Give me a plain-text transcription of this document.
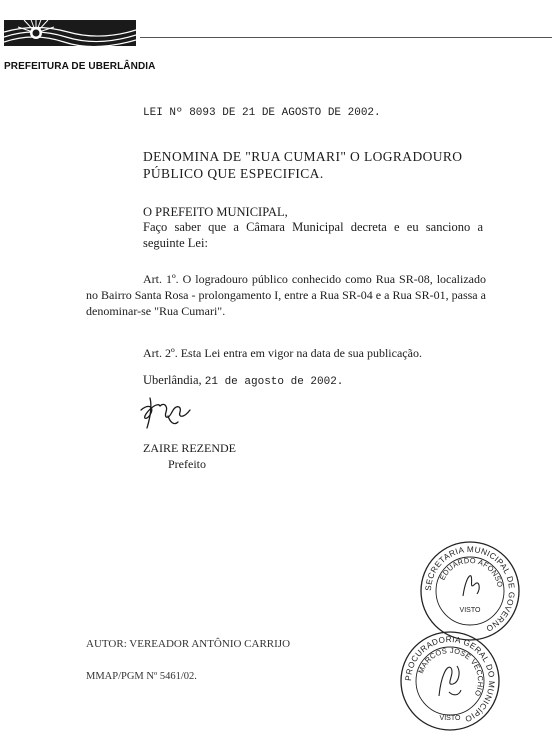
PREFEITURA DE UBERLÂNDIA
LEI Nº 8093 DE 21 DE AGOSTO DE 2002.
DENOMINA DE "RUA CUMARI" O LOGRADOURO PÚBLICO QUE ESPECIFICA.
O PREFEITO MUNICIPAL,
Faço saber que a Câmara Municipal decreta e eu sanciono a seguinte Lei:
Art. 1º. O logradouro público conhecido como Rua SR-08, localizado no Bairro Santa Rosa - prolongamento I, entre a Rua SR-04 e a Rua SR-01, passa a denominar-se "Rua Cumari".
Art. 2º. Esta Lei entra em vigor na data de sua publicação.
Uberlândia, 21 de agosto de 2002.
ZAIRE REZENDE
Prefeito
AUTOR: VEREADOR ANTÔNIO CARRIJO
MMAP/PGM Nº 5461/02.
SECRETARIA MUNICIPAL DE GOVERNO
EDUARDO AFONSO
VISTO
PROCURADORIA GERAL DO MUNICÍPIO
MARCOS JOSÉ VECCHIO
VISTO
